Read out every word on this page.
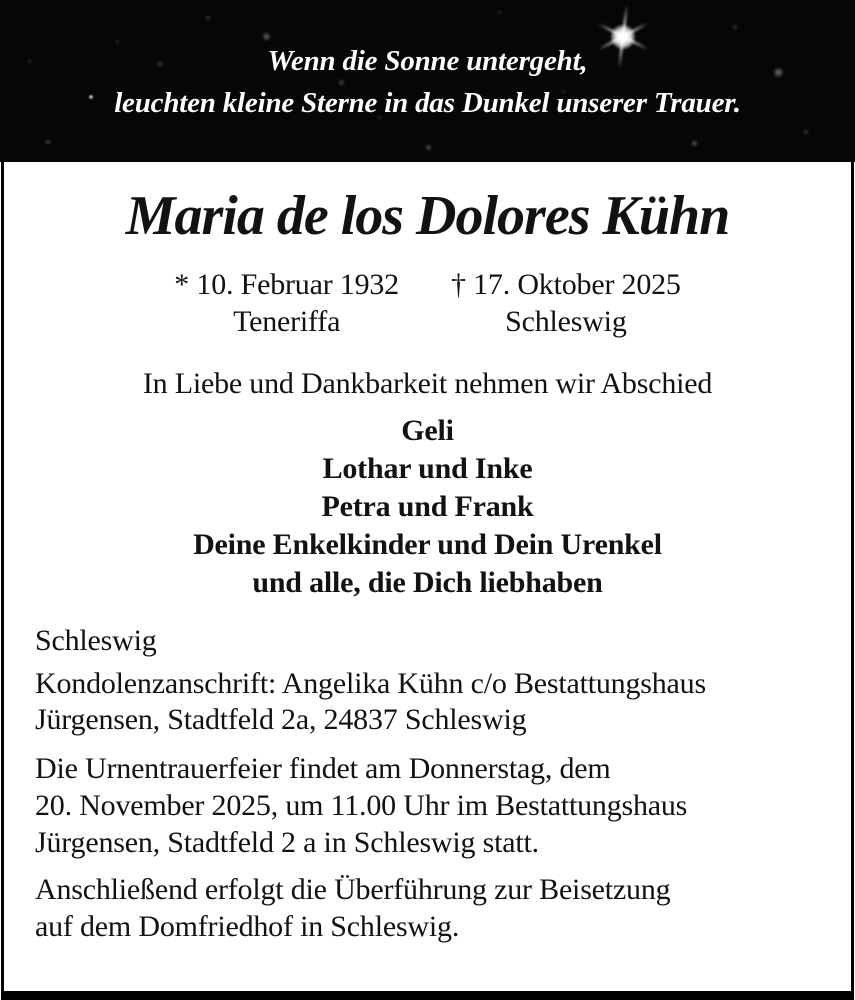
Wenn die Sonne untergeht,
leuchten kleine Sterne in das Dunkel unserer Trauer.
Maria de los Dolores Kühn
* 10. Februar 1932
Teneriffa
† 17. Oktober 2025
Schleswig

In Liebe und Dankbarkeit nehmen wir Abschied

Geli
Lothar und Inke
Petra und Frank
Deine Enkelkinder und Dein Urenkel
und alle, die Dich liebhaben

Schleswig

Kondolenzanschrift: Angelika Kühn c/o Bestattungshaus
Jürgensen, Stadtfeld 2a, 24837 Schleswig

Die Urnentrauerfeier findet am Donnerstag, dem
20. November 2025, um 11.00 Uhr im Bestattungshaus
Jürgensen, Stadtfeld 2 a in Schleswig statt.

Anschließend erfolgt die Überführung zur Beisetzung
auf dem Domfriedhof in Schleswig.
